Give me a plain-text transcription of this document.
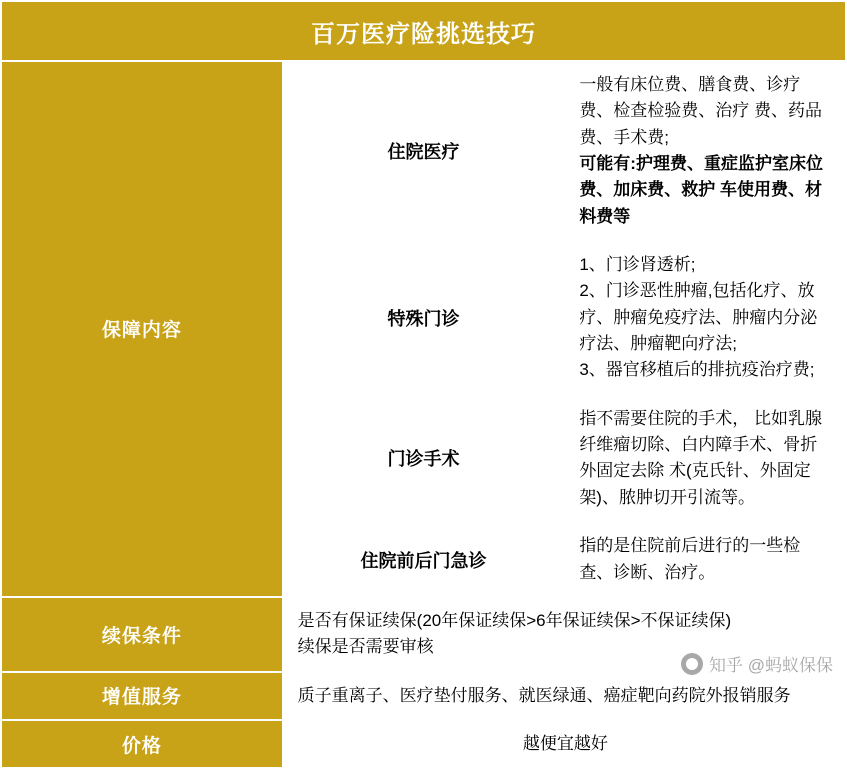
百万医疗险挑选技巧		
保障内容	住院医疗	一般有床位费、膳食费、诊疗费、检查检验费、治疗 费、药品费、手术费;
可能有:护理费、重症监护室床位费、加床费、救护 车使用费、材料费等

	特殊门诊	1、门诊肾透析;
2、门诊恶性肿瘤,包括化疗、放疗、肿瘤免疫疗法、肿瘤内分泌疗法、肿瘤靶向疗法;
3、器官移植后的排抗疫治疗费;

	门诊手术	指不需要住院的手术， 比如乳腺纤维瘤切除、白内障手术、骨折外固定去除 术(克氏针、外固定架)、脓肿切开引流等。

	住院前后门急诊	指的是住院前后进行的一些检查、诊断、治疗。

续保条件	是否有保证续保(20年保证续保>6年保证续保>不保证续保)
续保是否需要审核	

增值服务	质子重离子、医疗垫付服务、就医绿通、癌症靶向药院外报销服务	

价格	越便宜越好	
知乎 @蚂蚁保保
